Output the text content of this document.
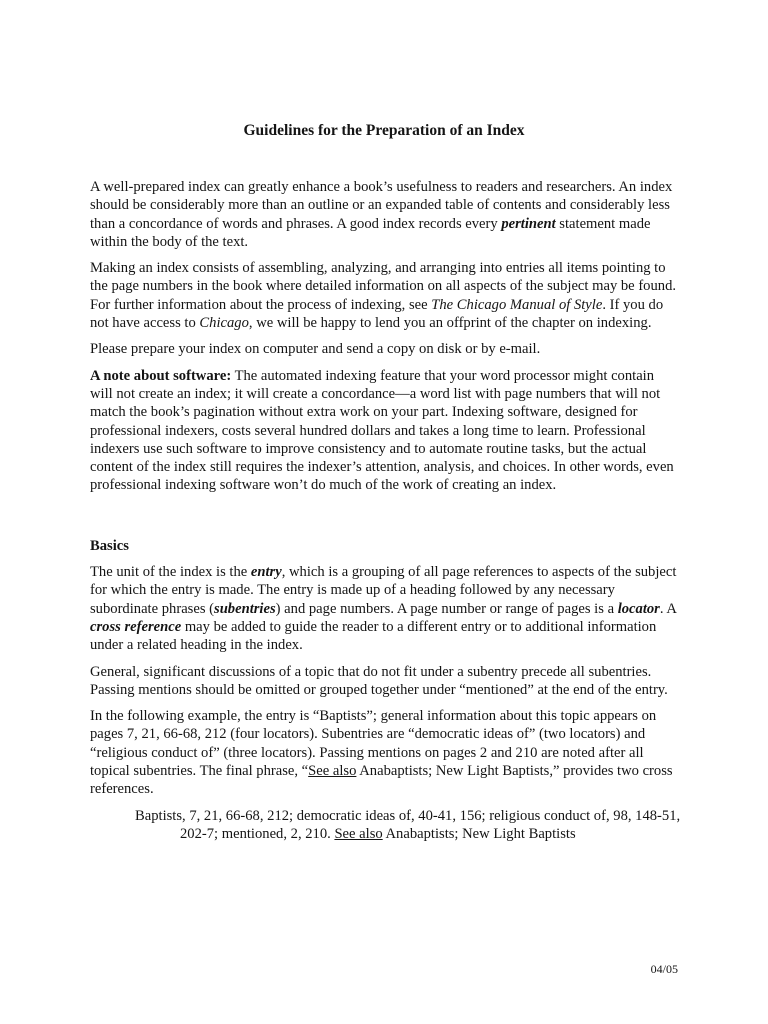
Guidelines for the Preparation of an Index

A well-prepared index can greatly enhance a book’s usefulness to readers and researchers. An index should be considerably more than an outline or an expanded table of contents and considerably less than a concordance of words and phrases. A good index records every pertinent statement made within the body of the text.

Making an index consists of assembling, analyzing, and arranging into entries all items pointing to the page numbers in the book where detailed information on all aspects of the subject may be found. For further information about the process of indexing, see The Chicago Manual of Style. If you do not have access to Chicago, we will be happy to lend you an offprint of the chapter on indexing.

Please prepare your index on computer and send a copy on disk or by e-mail.

A note about software: The automated indexing feature that your word processor might contain will not create an index; it will create a concordance—a word list with page numbers that will not match the book’s pagination without extra work on your part. Indexing software, designed for professional indexers, costs several hundred dollars and takes a long time to learn. Professional indexers use such software to improve consistency and to automate routine tasks, but the actual content of the index still requires the indexer’s attention, analysis, and choices. In other words, even professional indexing software won’t do much of the work of creating an index.

Basics

The unit of the index is the entry, which is a grouping of all page references to aspects of the subject for which the entry is made. The entry is made up of a heading followed by any necessary subordinate phrases (subentries) and page numbers. A page number or range of pages is a locator. A cross reference may be added to guide the reader to a different entry or to additional information under a related heading in the index.

General, significant discussions of a topic that do not fit under a subentry precede all subentries. Passing mentions should be omitted or grouped together under “mentioned” at the end of the entry.

In the following example, the entry is “Baptists”; general information about this topic appears on pages 7, 21, 66-68, 212 (four locators). Subentries are “democratic ideas of” (two locators) and “religious conduct of” (three locators). Passing mentions on pages 2 and 210 are noted after all topical subentries. The final phrase, “See also Anabaptists; New Light Baptists,” provides two cross references.

Baptists, 7, 21, 66-68, 212; democratic ideas of, 40-41, 156; religious conduct of, 98, 148-51, 202-7; mentioned, 2, 210. See also Anabaptists; New Light Baptists

04/05
